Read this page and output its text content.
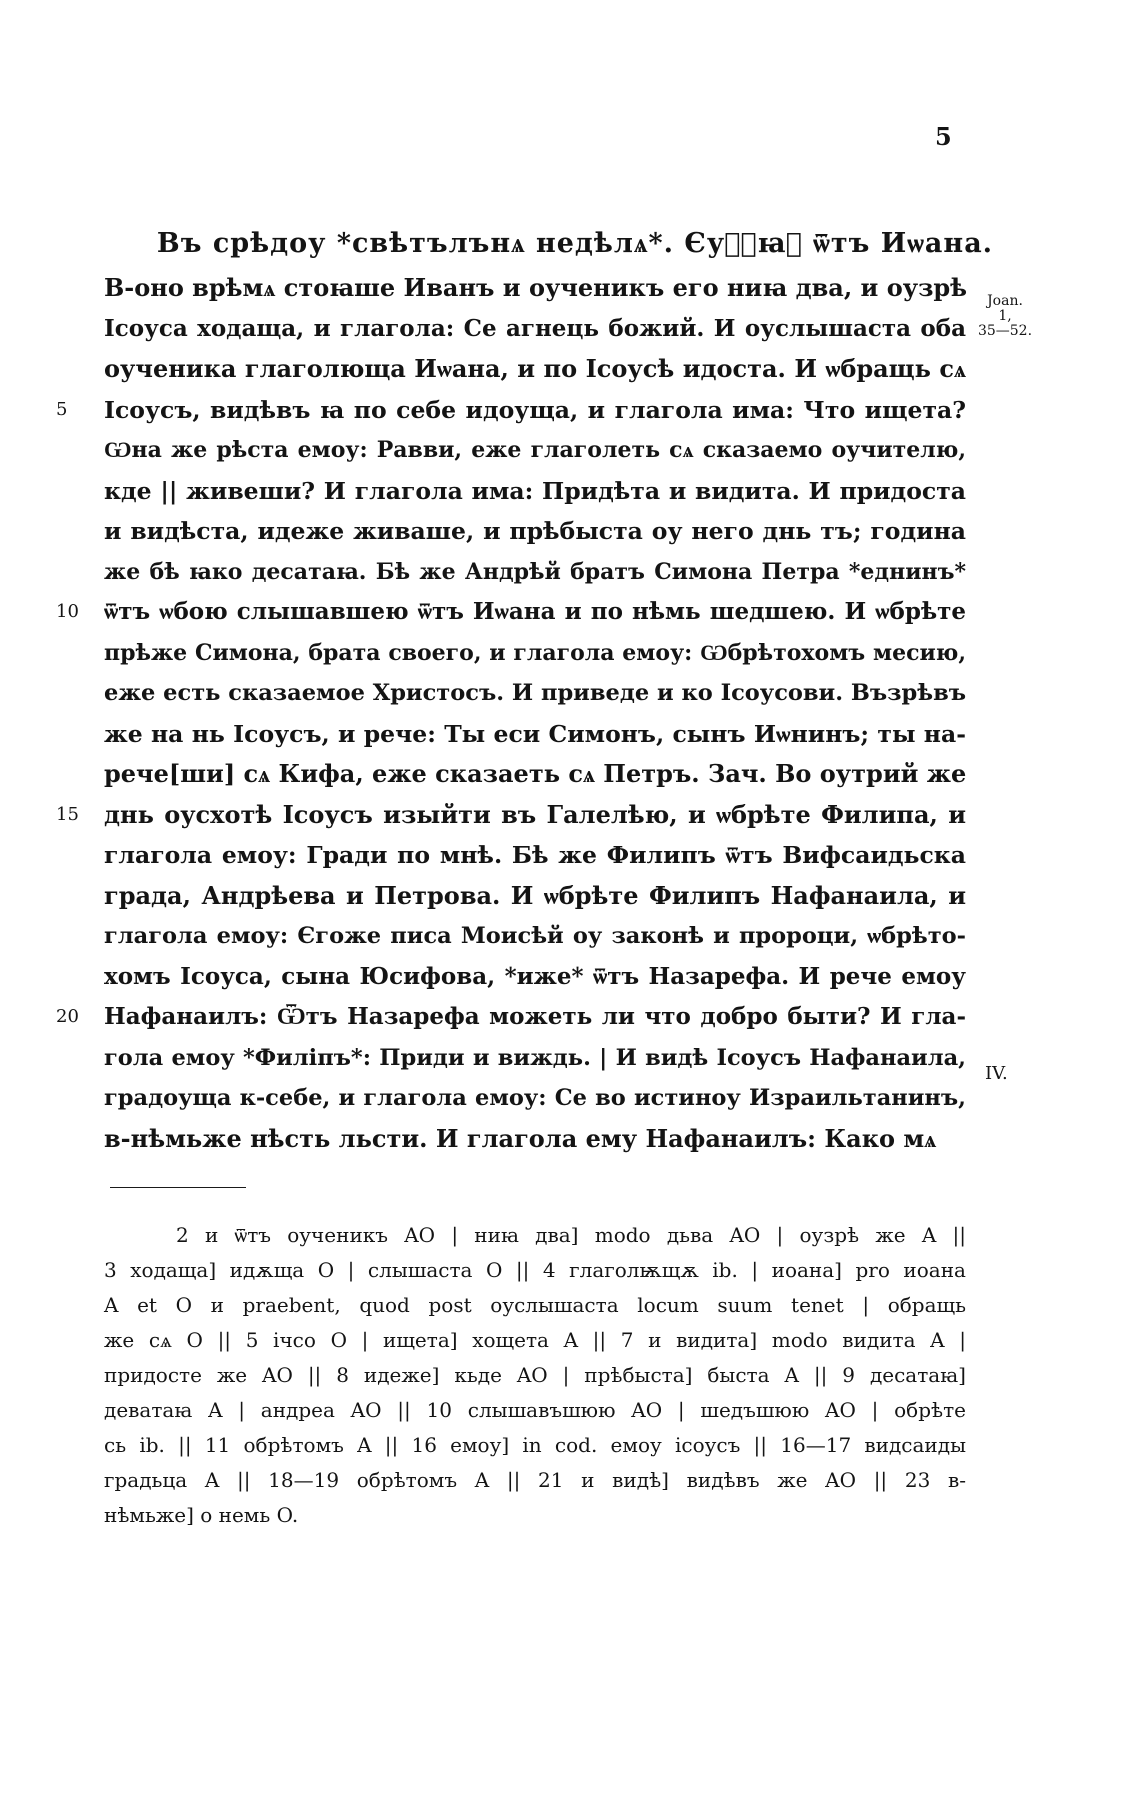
5
Въ срѣдоу *свѣтълънѧ недѣлѧ*. Єуⷢ҇ꙗ҇ ѿтъ Иѡана.
Joan.
1,
35—52.
IV.
В-оно врѣмѧ стоꙗше Иванъ и оученикъ его ниꙗ два, и оузрѣ
Ісоуса ходаща, и глагола: Се агнець божий. И оуслышаста оба
оученика глаголюща Иѡана, и по Ісоусѣ идоста. И ѡбращь сѧ
5	Ісоусъ, видѣвъ ꙗ по себе идоуща, и глагола има: Что ищета?
Ѡна же рѣста емоу: Равви, еже глаголеть сѧ сказаемо оучителю,
кде || живеши? И глагола има: Придѣта и видита. И придоста
и видѣста, идеже живаше, и прѣбыста оу него днь тъ; година
же бѣ ꙗко десатаꙗ. Бѣ же Андрѣй братъ Симона Петра *еднинъ*
10	ѿтъ ѡбою слышавшею ѿтъ Иѡана и по нѣмь шедшею. И ѡбрѣте
прѣже Симона, брата своего, и глагола емоу: Ѡбрѣтохомъ месию,
еже есть сказаемое Христосъ. И приведе и ко Ісоусови. Възрѣвъ
же на нь Ісоусъ, и рече: Ты еси Симонъ, сынъ Иѡнинъ; ты на-
рече[ши] сѧ Кифа, еже сказаеть сѧ Петръ. Зач. Во оутрий же
15	днь оусхотѣ Ісоусъ изыйти въ Галелѣю, и ѡбрѣте Филипа, и
глагола емоу: Гради по мнѣ. Бѣ же Филипъ ѿтъ Вифсаидьска
града, Андрѣева и Петрова. И ѡбрѣте Филипъ Нафанаила, и
глагола емоу: Єгоже писа Моисѣй оу законѣ и пророци, ѡбрѣто-
хомъ Ісоуса, сына Юсифова, *иже* ѿтъ Назарефа. И рече емоу
20	Нафанаилъ: Ѿтъ Назарефа можеть ли что добро быти? И гла-
гола емоу *Филіпъ*: Приди и виждь. | И видѣ Ісоусъ Нафанаила,
градоуща к-себе, и глагола емоу: Се во истиноу Израильтанинъ,
в-нѣмьже нѣсть льсти. И глагола ему Нафанаилъ: Како мѧ
2 и ѿтъ оученикъ AO | ниꙗ два] modo дьва AO | оузрѣ же A ||
3 ходаща] идѫща O | слышаста O || 4 глаголѭщѫ ib. | иоана] pro иоана
A et O и praebent, quod post оуслышаста locum suum tenet | обращь
же сѧ O || 5 ічсо O | ищета] хощета A || 7 и видита] modo видита A |
придосте же AO || 8 идеже] кьде AO | прѣбыста] быста A || 9 десатаꙗ]
деватаꙗ A | андреа AO || 10 слышавъшюю AO | шедъшюю AO | обрѣте
сь ib. || 11 обрѣтомъ A || 16 емоу] in cod. емоу ісоусъ || 16—17 видсаиды
градьца A || 18—19 обрѣтомъ A || 21 и видѣ] видѣвъ же AO || 23 в-
нѣмьже] о немь O.
